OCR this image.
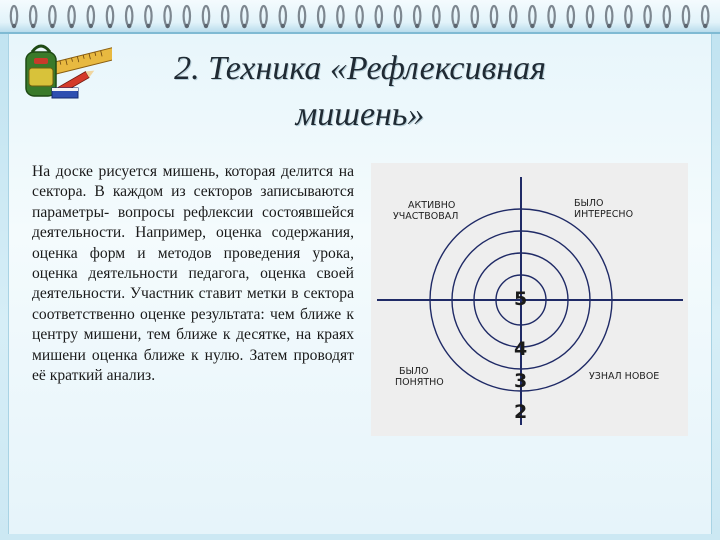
2. Техника «Рефлексивная
мишень»

На доске рисуется мишень, которая делится на сектора. В каждом из секторов записываются параметры- вопросы рефлексии состоявшейся деятельности. Например, оценка содержания, оценка форм и методов проведения урока, оценка деятельности педагога, оценка своей деятельности. Участник ставит метки в сектора соответственно оценке результата: чем ближе к центру мишени, тем ближе к десятке, на краях мишени оценка ближе к нулю. Затем проводят её краткий анализ.

АКТИВНО
УЧАСТВОВАЛ
БЫЛО
ИНТЕРЕСНО
БЫЛО
ПОНЯТНО
УЗНАЛ НОВОЕ
5
4
3
2
